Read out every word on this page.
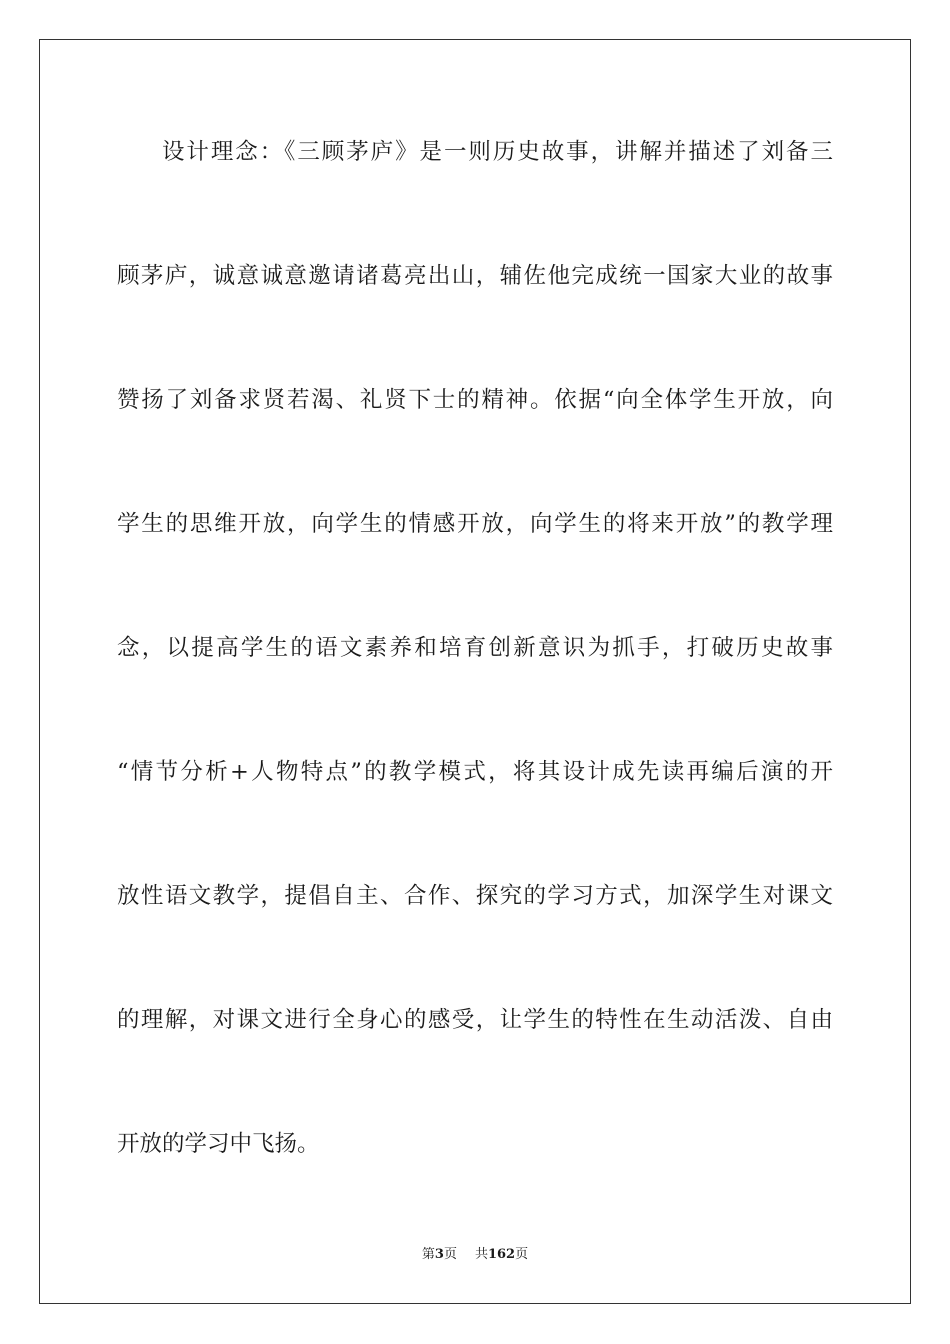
设计理念：《三顾茅庐》是一则历史故事，讲解并描述了刘备三
顾茅庐，诚意诚意邀请诸葛亮出山，辅佐他完成统一国家大业的故事
赞扬了刘备求贤若渴、礼贤下士的精神。依据“向全体学生开放，向
学生的思维开放，向学生的情感开放，向学生的将来开放”的教学理
念，以提高学生的语文素养和培育创新意识为抓手，打破历史故事
“情节分析+人物特点”的教学模式，将其设计成先读再编后演的开
放性语文教学，提倡自主、合作、探究的学习方式，加深学生对课文
的理解，对课文进行全身心的感受，让学生的特性在生动活泼、自由
开放的学习中飞扬。
第3页 共162页
